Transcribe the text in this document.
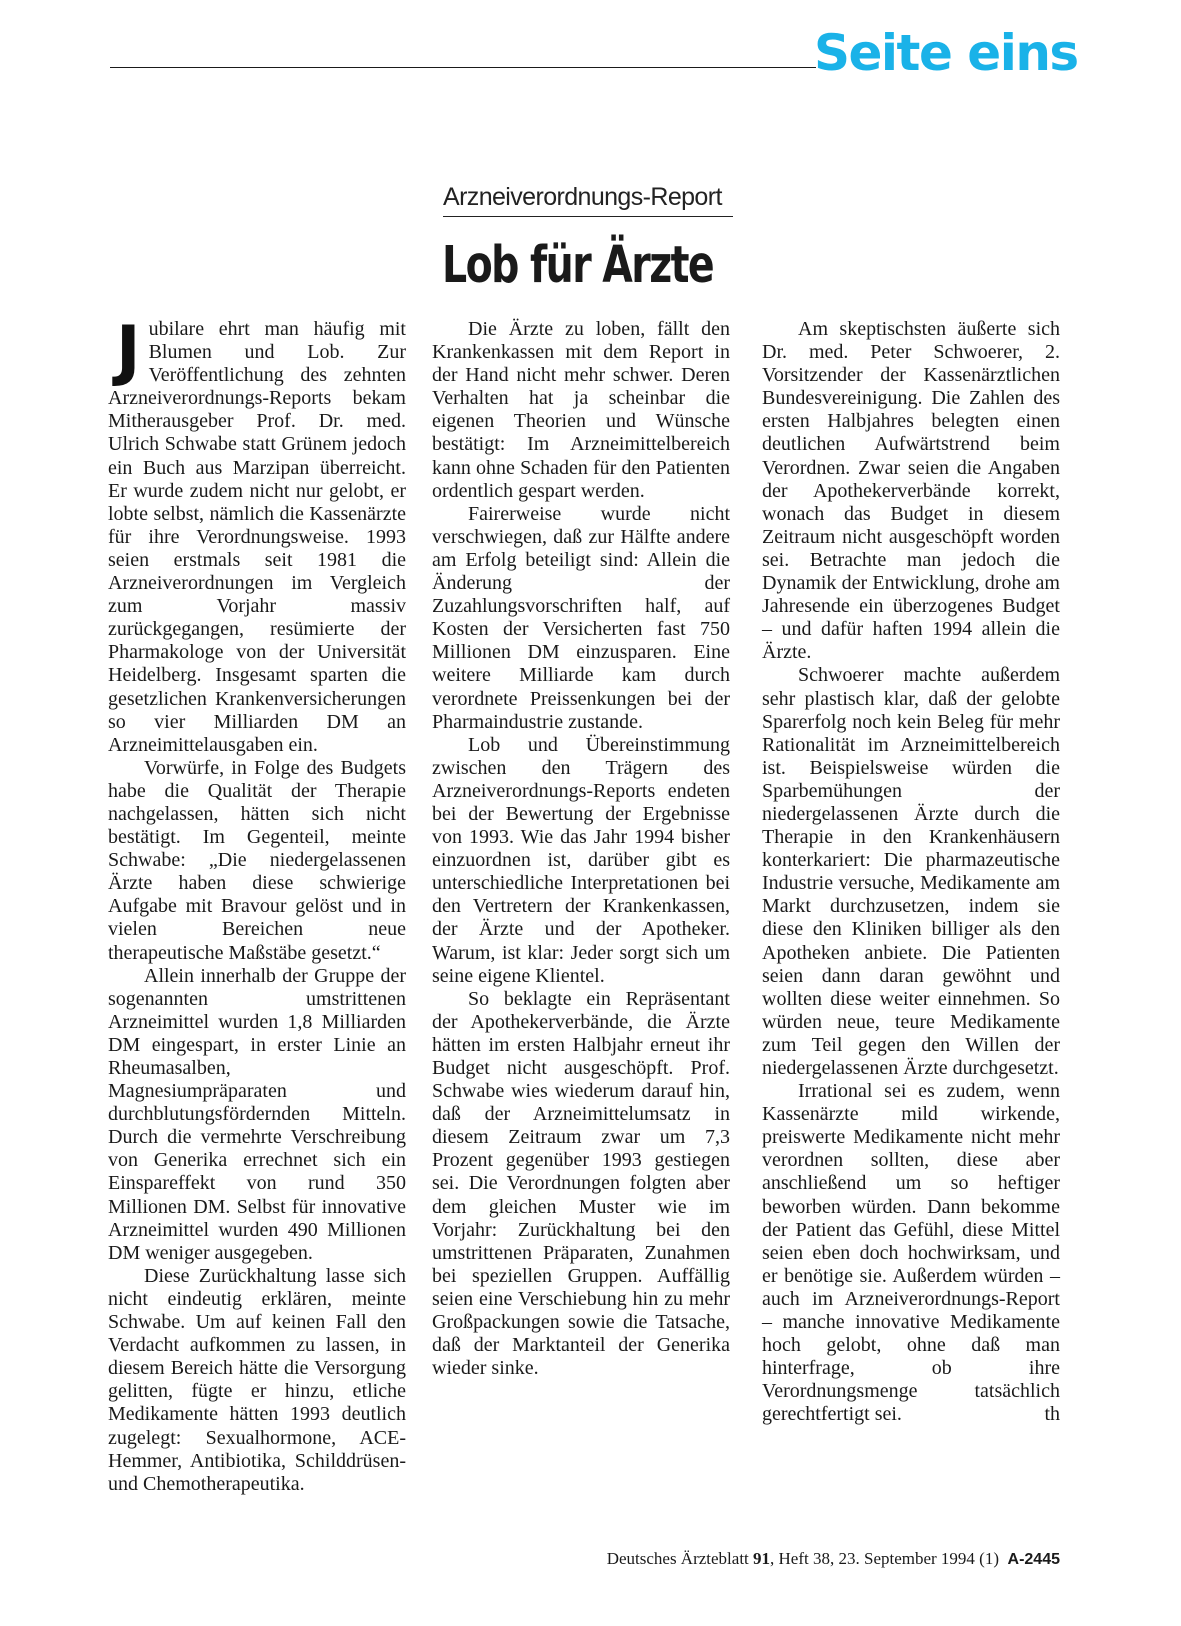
Seite eins
Arzneiverordnungs-Report
Lob für Ärzte

Jubilare ehrt man häufig mit Blumen und Lob. Zur Veröffentlichung des zehnten Arzneiverordnungs-Reports bekam Mitherausgeber Prof. Dr. med. Ulrich Schwabe statt Grünem jedoch ein Buch aus Marzipan überreicht. Er wurde zudem nicht nur gelobt, er lobte selbst, nämlich die Kassenärzte für ihre Verordnungsweise. 1993 seien erstmals seit 1981 die Arzneiverordnungen im Vergleich zum Vorjahr massiv zurückgegangen, resümierte der Pharmakologe von der Universität Heidelberg. Insgesamt sparten die gesetzlichen Krankenversicherungen so vier Milliarden DM an Arzneimittelausgaben ein.

Vorwürfe, in Folge des Budgets habe die Qualität der Therapie nachgelassen, hätten sich nicht bestätigt. Im Gegenteil, meinte Schwabe: „Die niedergelassenen Ärzte haben diese schwierige Aufgabe mit Bravour gelöst und in vielen Bereichen neue therapeutische Maßstäbe gesetzt.“

Allein innerhalb der Gruppe der sogenannten umstrittenen Arzneimittel wurden 1,8 Milliarden DM eingespart, in erster Linie an Rheumasalben, Magnesiumpräparaten und durchblutungsfördernden Mitteln. Durch die vermehrte Verschreibung von Generika errechnet sich ein Einspareffekt von rund 350 Millionen DM. Selbst für innovative Arzneimittel wurden 490 Millionen DM weniger ausgegeben.

Diese Zurückhaltung lasse sich nicht eindeutig erklären, meinte Schwabe. Um auf keinen Fall den Verdacht aufkommen zu lassen, in diesem Bereich hätte die Versorgung gelitten, fügte er hinzu, etliche Medikamente hätten 1993 deutlich zugelegt: Sexualhormone, ACE-Hemmer, Antibiotika, Schilddrüsen- und Chemotherapeutika.

Die Ärzte zu loben, fällt den Krankenkassen mit dem Report in der Hand nicht mehr schwer. Deren Verhalten hat ja scheinbar die eigenen Theorien und Wünsche bestätigt: Im Arzneimittelbereich kann ohne Schaden für den Patienten ordentlich gespart werden.

Fairerweise wurde nicht verschwiegen, daß zur Hälfte andere am Erfolg beteiligt sind: Allein die Änderung der Zuzahlungsvorschriften half, auf Kosten der Versicherten fast 750 Millionen DM einzusparen. Eine weitere Milliarde kam durch verordnete Preissenkungen bei der Pharmaindustrie zustande.

Lob und Übereinstimmung zwischen den Trägern des Arzneiverordnungs-Reports endeten bei der Bewertung der Ergebnisse von 1993. Wie das Jahr 1994 bisher einzuordnen ist, darüber gibt es unterschiedliche Interpretationen bei den Vertretern der Krankenkassen, der Ärzte und der Apotheker. Warum, ist klar: Jeder sorgt sich um seine eigene Klientel.

So beklagte ein Repräsentant der Apothekerverbände, die Ärzte hätten im ersten Halbjahr erneut ihr Budget nicht ausgeschöpft. Prof. Schwabe wies wiederum darauf hin, daß der Arzneimittelumsatz in diesem Zeitraum zwar um 7,3 Prozent gegenüber 1993 gestiegen sei. Die Verordnungen folgten aber dem gleichen Muster wie im Vorjahr: Zurückhaltung bei den umstrittenen Präparaten, Zunahmen bei speziellen Gruppen. Auffällig seien eine Verschiebung hin zu mehr Großpackungen sowie die Tatsache, daß der Marktanteil der Generika wieder sinke.

Am skeptischsten äußerte sich Dr. med. Peter Schwoerer, 2. Vorsitzender der Kassenärztlichen Bundesvereinigung. Die Zahlen des ersten Halbjahres belegten einen deutlichen Aufwärtstrend beim Verordnen. Zwar seien die Angaben der Apothekerverbände korrekt, wonach das Budget in diesem Zeitraum nicht ausgeschöpft worden sei. Betrachte man jedoch die Dynamik der Entwicklung, drohe am Jahresende ein überzogenes Budget – und dafür haften 1994 allein die Ärzte.

Schwoerer machte außerdem sehr plastisch klar, daß der gelobte Sparerfolg noch kein Beleg für mehr Rationalität im Arzneimittelbereich ist. Beispielsweise würden die Sparbemühungen der niedergelassenen Ärzte durch die Therapie in den Krankenhäusern konterkariert: Die pharmazeutische Industrie versuche, Medikamente am Markt durchzusetzen, indem sie diese den Kliniken billiger als den Apotheken anbiete. Die Patienten seien dann daran gewöhnt und wollten diese weiter einnehmen. So würden neue, teure Medikamente zum Teil gegen den Willen der niedergelassenen Ärzte durchgesetzt.

Irrational sei es zudem, wenn Kassenärzte mild wirkende, preiswerte Medikamente nicht mehr verordnen sollten, diese aber anschließend um so heftiger beworben würden. Dann bekomme der Patient das Gefühl, diese Mittel seien eben doch hochwirksam, und er benötige sie. Außerdem würden – auch im Arzneiverordnungs-Report – manche innovative Medikamente hoch gelobt, ohne daß man hinterfrage, ob ihre Verordnungsmenge tatsächlich gerechtfertigt sei.	th

Deutsches Ärzteblatt 91, Heft 38, 23. September 1994 (1) A-2445
